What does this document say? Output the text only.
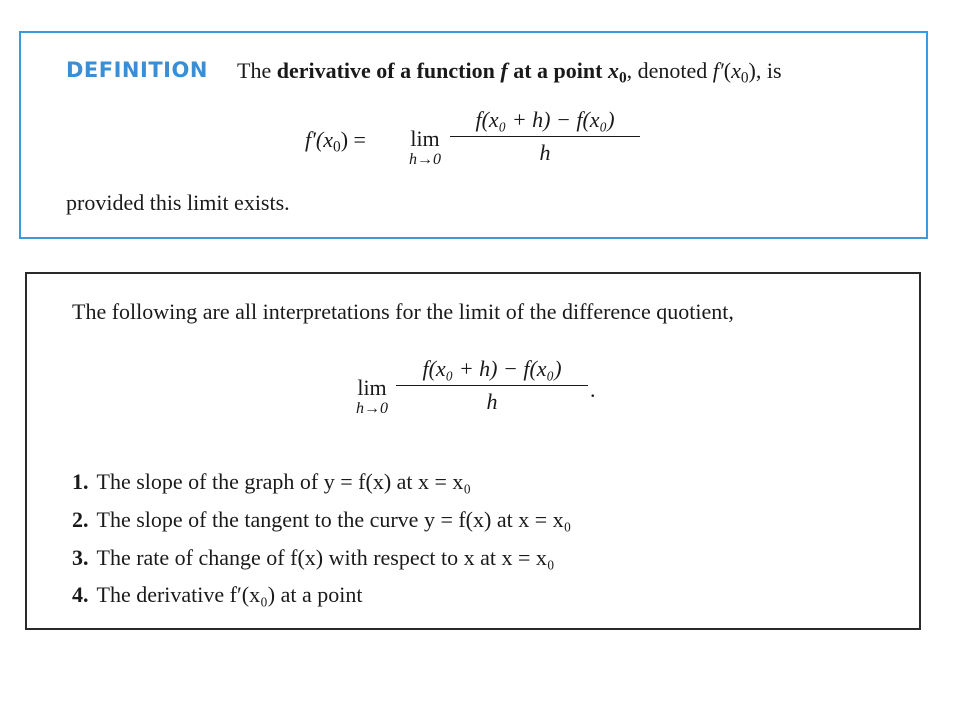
DEFINITION The derivative of a function f at a point $x_0$, denoted $f'(x_0)$, is
$f'(x_0)$ =	lim
$h\to 0 \frac{\text{f(x₀ + h) − f(x₀)}}{h}$
provided this limit exists.
The following are all interpretations for the limit of the difference quotient,
lim
$h\to 0 \frac{\text{f(x₀ + h) − f(x₀)}}{h}$ .
1. The slope of the graph of y = f(x) at x = x₀
2. The slope of the tangent to the curve y = f(x) at x = x₀
3. The rate of change of f(x) with respect to x at x = x₀
4. The derivative f′(x₀) at a point
